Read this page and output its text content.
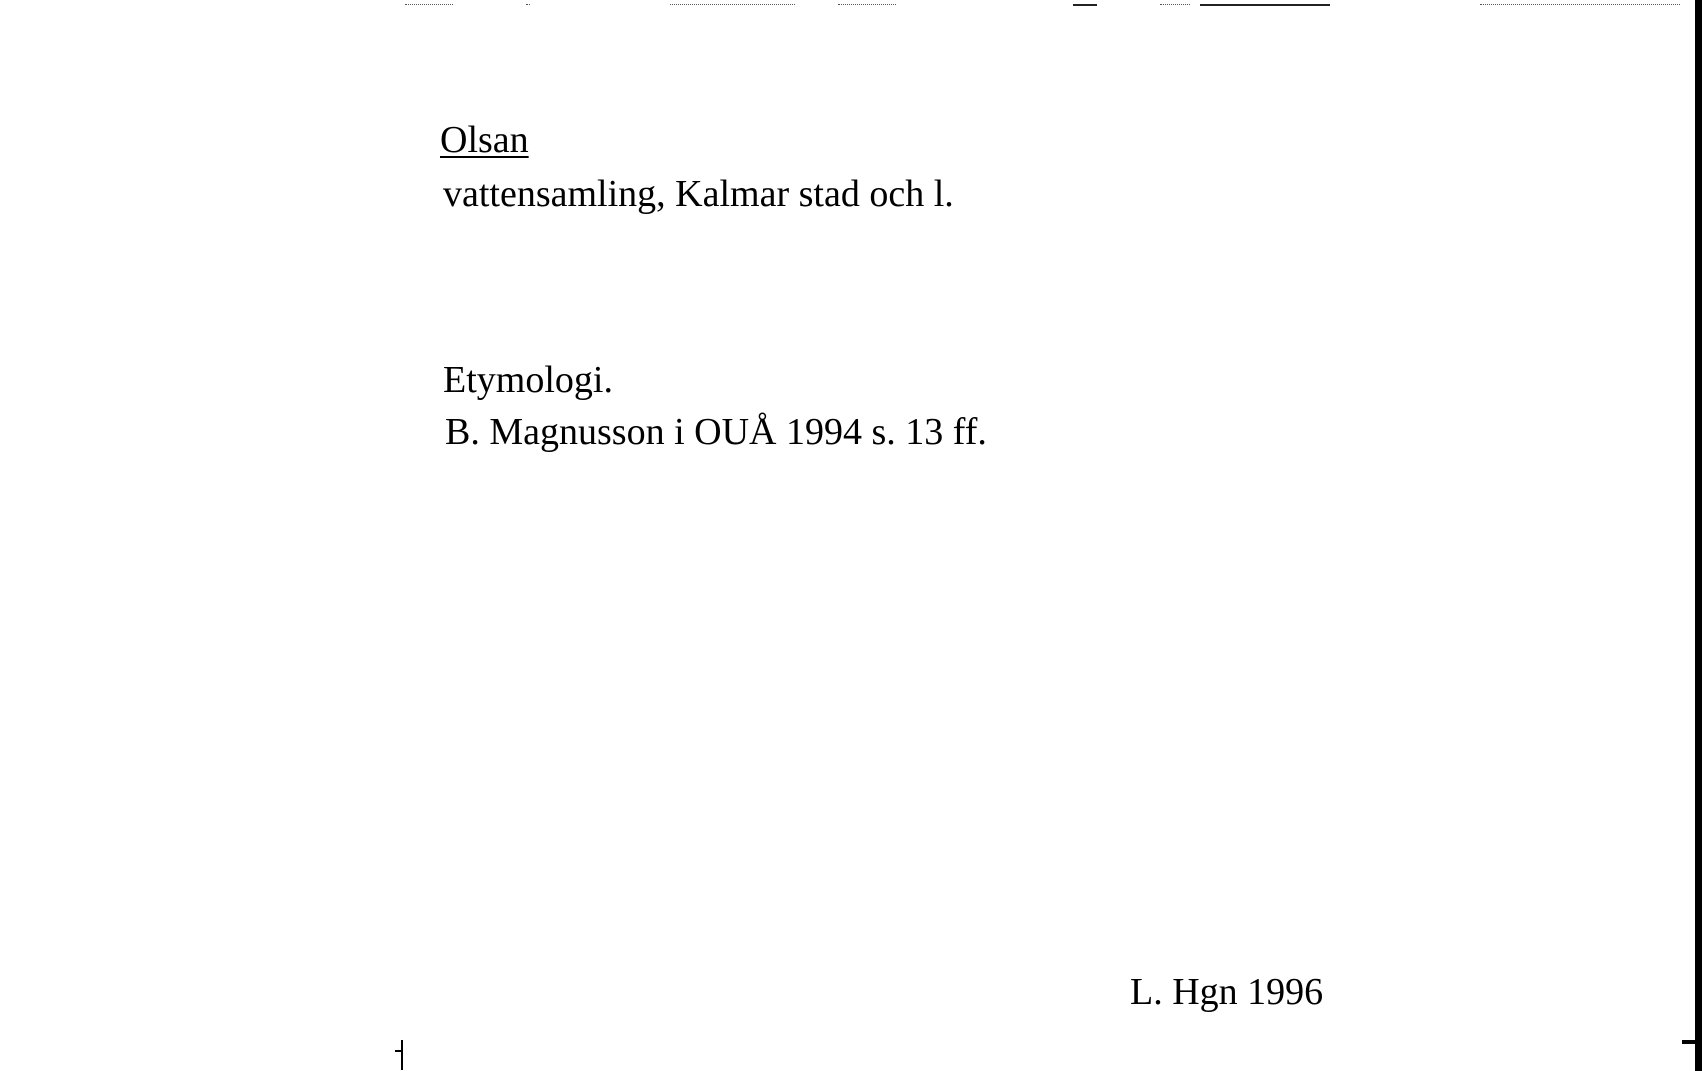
Olsan
vattensamling, Kalmar stad och l.
Etymologi.
B. Magnusson i OUÅ 1994 s. 13 ff.
L. Hgn 1996
